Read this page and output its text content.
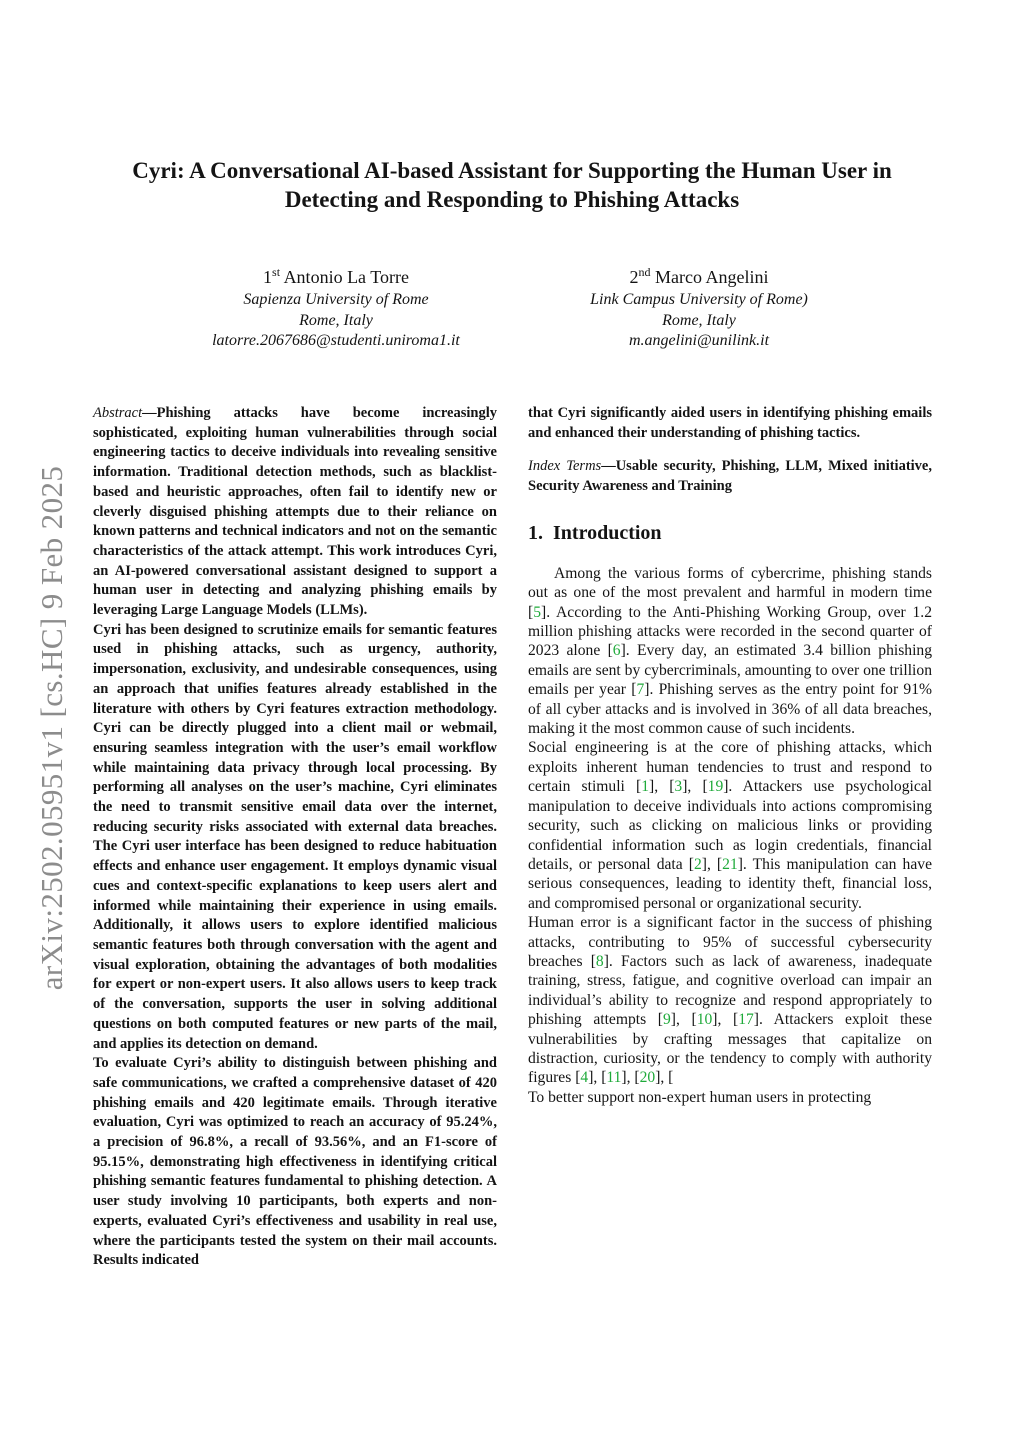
arXiv:2502.05951v1 [cs.HC] 9 Feb 2025
Cyri: A Conversational AI-based Assistant for Supporting the Human User in Detecting and Responding to Phishing Attacks
1st Antonio La Torre
Sapienza University of Rome
Rome, Italy
latorre.2067686@studenti.uniroma1.it
2nd Marco Angelini
Link Campus University of Rome)
Rome, Italy
m.angelini@unilink.it

Abstract—Phishing attacks have become increasingly sophisticated, exploiting human vulnerabilities through social engineering tactics to deceive individuals into revealing sensitive information. Traditional detection methods, such as blacklist-based and heuristic approaches, often fail to identify new or cleverly disguised phishing attempts due to their reliance on known patterns and technical indicators and not on the semantic characteristics of the attack attempt. This work introduces Cyri, an AI-powered conversational assistant designed to support a human user in detecting and analyzing phishing emails by leveraging Large Language Models (LLMs).

Cyri has been designed to scrutinize emails for semantic features used in phishing attacks, such as urgency, authority, impersonation, exclusivity, and undesirable consequences, using an approach that unifies features already established in the literature with others by Cyri features extraction methodology. Cyri can be directly plugged into a client mail or webmail, ensuring seamless integration with the user’s email workflow while maintaining data privacy through local processing. By performing all analyses on the user’s machine, Cyri eliminates the need to transmit sensitive email data over the internet, reducing security risks associated with external data breaches. The Cyri user interface has been designed to reduce habituation effects and enhance user engagement. It employs dynamic visual cues and context-specific explanations to keep users alert and informed while maintaining their experience in using emails. Additionally, it allows users to explore identified malicious semantic features both through conversation with the agent and visual exploration, obtaining the advantages of both modalities for expert or non-expert users. It also allows users to keep track of the conversation, supports the user in solving additional questions on both computed features or new parts of the mail, and applies its detection on demand.

To evaluate Cyri’s ability to distinguish between phishing and safe communications, we crafted a comprehensive dataset of 420 phishing emails and 420 legitimate emails. Through iterative evaluation, Cyri was optimized to reach an accuracy of 95.24%, a precision of 96.8%, a recall of 93.56%, and an F1-score of 95.15%, demonstrating high effectiveness in identifying critical phishing semantic features fundamental to phishing detection. A user study involving 10 participants, both experts and non-experts, evaluated Cyri’s effectiveness and usability in real use, where the participants tested the system on their mail accounts. Results indicated

that Cyri significantly aided users in identifying phishing emails and enhanced their understanding of phishing tactics.

Index Terms—Usable security, Phishing, LLM, Mixed initiative, Security Awareness and Training

1. Introduction

Among the various forms of cybercrime, phishing stands out as one of the most prevalent and harmful in modern time [5]. According to the Anti-Phishing Working Group, over 1.2 million phishing attacks were recorded in the second quarter of 2023 alone [6]. Every day, an estimated 3.4 billion phishing emails are sent by cybercriminals, amounting to over one trillion emails per year [7]. Phishing serves as the entry point for 91% of all cyber attacks and is involved in 36% of all data breaches, making it the most common cause of such incidents.

Social engineering is at the core of phishing attacks, which exploits inherent human tendencies to trust and respond to certain stimuli [1], [3], [19]. Attackers use psychological manipulation to deceive individuals into actions compromising security, such as clicking on malicious links or providing confidential information such as login credentials, financial details, or personal data [2], [21]. This manipulation can have serious consequences, leading to identity theft, financial loss, and compromised personal or organizational security.

Human error is a significant factor in the success of phishing attacks, contributing to 95% of successful cybersecurity breaches [8]. Factors such as lack of awareness, inadequate training, stress, fatigue, and cognitive overload can impair an individual’s ability to recognize and respond appropriately to phishing attempts [9], [10], [17]. Attackers exploit these vulnerabilities by crafting messages that capitalize on distraction, curiosity, or the tendency to comply with authority figures [4], [11], [20], [

To better support non-expert human users in protecting
